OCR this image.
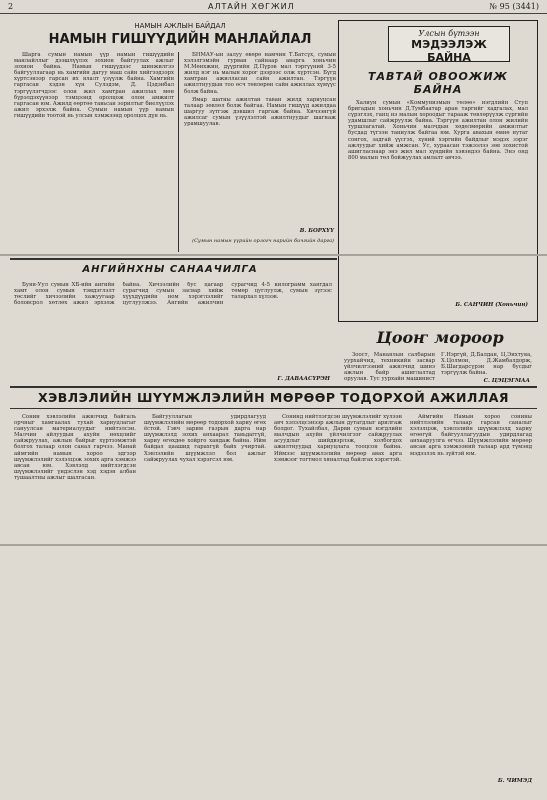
2	АЛТАЙН ХӨГЖИЛ	№ 95 (3441)
НАМЫН АЖЛЫН БАЙДАЛ
НАМЫН ГИШҮҮДИЙН МАНЛАЙЛАЛ

Шарга сумын намын үүр намын гишүүдийн манлайллыг дээшлүүлэх зохион байгуулах ажлыг зохион байна. Намын гишүүдээс шинжилгээ байгууллагаар нь хамгийн дагуу маш сайн хийгээдээрх хүртсэнээр гарсан их ялалт үзүүлж байна. Хамгийн гаргасан хэдэн хүн Сулэдэм, Д. Цэдэнбал тэргүүлэгчдээс олон жил хамтран ажиллах мөн бүрэлдэхүүнээр тэмцээнд оролцож олон амжилт гаргасан юм. Ажилд өөртөө тавьсан зорилтыг биелүүлэх ажил эрхэлж байна. Сумын намын үүр намын гишүүдийн тоотой нь улсын хэмжээнд оролцох дүн нь.

БНМАУ-ын залуу өвөрө намчин Т.Батсүх, сумын хэлэлгэмэйн гурван сайнаар аварга хоньчин М.Мөнхжин, дүүргийн Д.Пүрэв мал тэргүүний 3-5 жилд нэг нь малын хорог дээрээс олж хүртсэн. Бүгд хамтран ажилласан сайн ажилтан. Тэргүүн ажилтнуудын тоо өсч төвлөрөн сайн ажиллах хүмүүс болж байна.

Ямар шатны ажилтан таван жилд хариуцсан талаар зөвлөл болж байгаа. Намын гишүүд ажилдаа шаргуу зүтгэж дэвшил гаргаж байна. Хичээнгүй ажилсаг сумын үзүүлэлтэй ажилтнуудыг шагнаж урамшуулав.

В. БОРХҮҮ
(Сумын намын үүрийн орлогч нарийн бичгийн дарга)
Улсын бүтээн
МЭДЭЭЛЭЖ БАЙНА
ТАВТАЙ ОВООЖИЖ БАЙНА

Халиун сумын «Коммунизмын төлөө» нэгдлийн Ступ бригадын хоньчин Д.Тумбаатар аран таргийг хадгалах, мал сүрэглэх, ганц нэ малын хороодыг тарааж төвлөрүүлж сүргийн удамшлыг сайжруулж байна. Тэргүүн ажилтан олон жилийн туршлагатай. Хоньчин малчдын хөдөлмөрийн амжилтыг бусдад түгээн таниулж байгаа юм. Хурга авахын өмнө нутаг сонгох, задгай үүсгэх, хүний хэргийн байдлыг мэдэх зэрэг ажлуудыг хийж амжсан. Ус, хураасан тэжээлээ зөв зохистой ашигласнаар энэ жил мал хүндийн хэвэндээ байна. Энэ онд 800 малын төл бойжуулах амлалт авчээ.

Б. САНЧИН (Хоньчин)
АНГИЙНХНЫ САНААЧИЛГА

Буян-Уул сумын ХБ-ийн ангийн хамт олон сумын тэмдэглэлт төслийг хичээлийн хажуугаар боловсрол хөтлөх ажил эрхэлж байна. Хичээлийн бус цагаар сурагчид сумын засвар хийж хүүхдүүдийн ном хэрэглэлийг цуглуулжээ. Ангийн ажилчин сурагчид 4-5 килограмм хаягдал төмөр цуглуулж, сумын зүгээс талархал хүлээв.

Г. ДАВААСҮРЭН
Цооҥ мороор

Зоост, Манаялын салбарын уурхайчид, техникийн засвар үйлчилгээний ажилчид шинэ ажлын байр ашиглалтад оруулав. Тус уурхайн машинист Г.Нэргүй, Д.Балдан, Ц.Энхтуяа, Х.Цолмон, Д.Жамбалдорж, Б.Шагдарсүрэн нар бусдыг тэргүүлж байна.

С. ЦЭЦЭГМАА
ХЭВЛЭЛИЙН ШҮҮМЖЛЭЛИЙН МӨРӨӨР ТОДОРХОЙ АЖИЛЛАЯ

Сонин хэвлэлийн ажилчид байгаль орчныг хамгаалах тухай хариуцлагыг сануулсан материалуудыг нийтэлсэн. Малчин айлуудын ахуйн нөхцлийг сайжруулах, ажлын байрыг хүртээмжтэй болгох талаар олон санал гарчээ. Манай аймгийн намын хороо эдгээр шүүмжлэлийг хэлэлцэж зохих арга хэмжээ авсан юм. Хэвлэлд нийтлэгдсэн шүүмжлэлийг үндэслэн хэд хэдэн албан тушаалтны ажлыг шалгасан.

Байгууллагын удирдлагууд шүүмжлэлийн мөрөөр тодорхой хариу өгөх ёстой. Гэвч зарим газрын дарга нар шүүмжлэлд зохих анхаарал тавьдаггүй, хариу өгөхдөө хойрго хандаж байна. Ийм байдал цаашид гарахгүй байх учиртай. Хэвлэлийн шүүмжлэл бол ажлыг сайжруулах чухал хэрэгсэл юм.

Сонинд нийтлэгдсэн шүүмжлэлийг хүлээн авч хэлэлцсэнээр ажлын дутагдлыг арилгаж болдог. Тухайлбал, Дарви сумын нэгдлийн малчдын ахуйн үйлчилгээг сайжруулах асуудлыг шийдвэрлэж, холбогдох ажилтнуудад хариуцлага тооцсон байна. Иймээс шүүмжлэлийн мөрөөр авах арга хэмжээг тогтмол хяналтад байлгах хэрэгтэй.

Аймгийн Намын хороо сонины нийтлэлийн талаар гарсан саналыг хэлэлцэж, хэвлэлийн шүүмжлэлд хариу өгөөгүй байгууллагуудын удирдлагад анхааруулга өгчээ. Шүүмжлэлийн мөрөөр авсан арга хэмжээний талаар ард түмэнд мэдээлэх нь зүйтэй юм.

Б. ЧИМЭД
